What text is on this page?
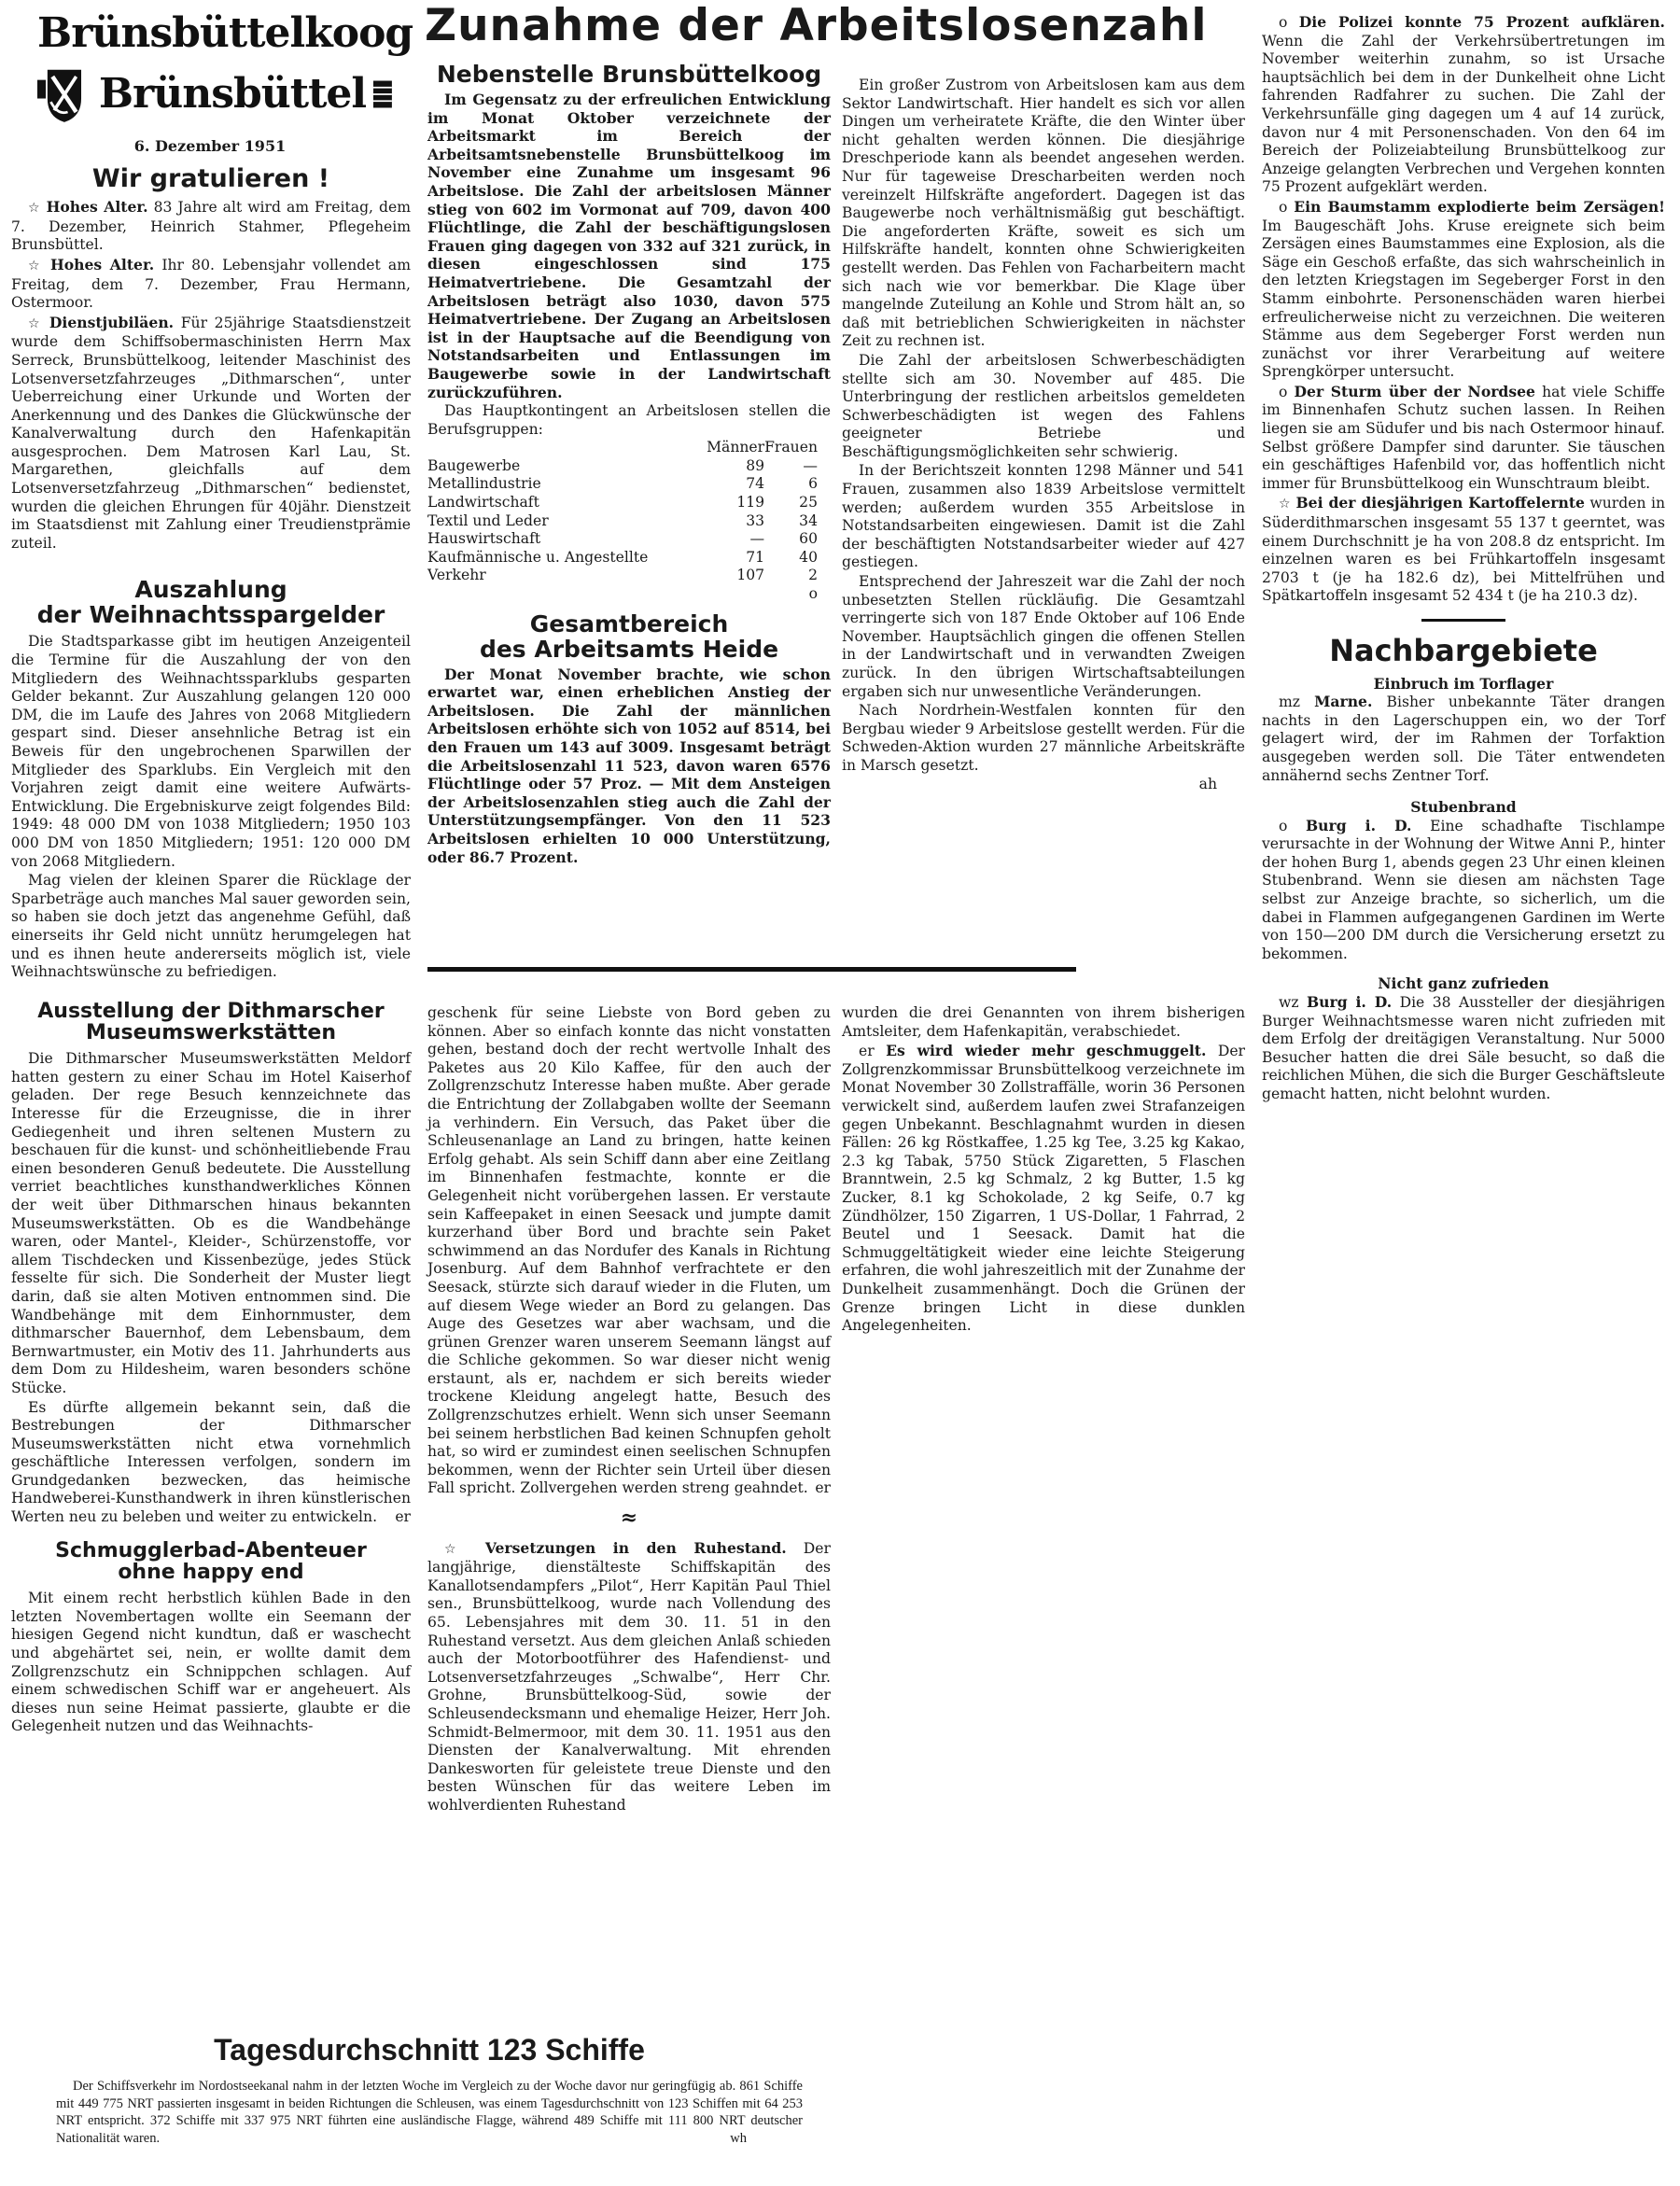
Brünsbüttelkoog
Brünsbüttel
6. Dezember 1951
Zunahme der Arbeitslosenzahl
Wir gratulieren !

☆ Hohes Alter. 83 Jahre alt wird am Freitag, dem 7. Dezember, Heinrich Stahmer, Pflegeheim Brunsbüttel.

☆ Hohes Alter. Ihr 80. Lebensjahr vollendet am Freitag, dem 7. Dezember, Frau Hermann, Ostermoor.

☆ Dienstjubiläen. Für 25jährige Staatsdienstzeit wurde dem Schiffsobermaschinisten Herrn Max Serreck, Brunsbüttelkoog, leitender Maschinist des Lotsenversetzfahrzeuges „Dithmarschen“, unter Ueberreichung einer Urkunde und Worten der Anerkennung und des Dankes die Glückwünsche der Kanalverwaltung durch den Hafenkapitän ausgesprochen. Dem Matrosen Karl Lau, St. Margarethen, gleichfalls auf dem Lotsenversetzfahrzeug „Dithmarschen“ bedienstet, wurden die gleichen Ehrungen für 40jähr. Dienstzeit im Staatsdienst mit Zahlung einer Treudienstprämie zuteil.

Auszahlung
der Weihnachtsspargelder

Die Stadtsparkasse gibt im heutigen Anzeigenteil die Termine für die Auszahlung der von den Mitgliedern des Weihnachtssparklubs gesparten Gelder bekannt. Zur Auszahlung gelangen 120 000 DM, die im Laufe des Jahres von 2068 Mitgliedern gespart sind. Dieser ansehnliche Betrag ist ein Beweis für den ungebrochenen Sparwillen der Mitglieder des Sparklubs. Ein Vergleich mit den Vorjahren zeigt damit eine weitere Aufwärts-Entwicklung. Die Ergebniskurve zeigt folgendes Bild: 1949: 48 000 DM von 1038 Mitgliedern; 1950 103 000 DM von 1850 Mitgliedern; 1951: 120 000 DM von 2068 Mitgliedern.

Mag vielen der kleinen Sparer die Rücklage der Sparbeträge auch manches Mal sauer geworden sein, so haben sie doch jetzt das angenehme Gefühl, daß einerseits ihr Geld nicht unnütz herumgelegen hat und es ihnen heute andererseits möglich ist, viele Weihnachtswünsche zu befriedigen.

Ausstellung der Dithmarscher
Museumswerkstätten

Die Dithmarscher Museumswerkstätten Meldorf hatten gestern zu einer Schau im Hotel Kaiserhof geladen. Der rege Besuch kennzeichnete das Interesse für die Erzeugnisse, die in ihrer Gediegenheit und ihren seltenen Mustern zu beschauen für die kunst- und schönheitliebende Frau einen besonderen Genuß bedeutete. Die Ausstellung verriet beachtliches kunsthandwerkliches Können der weit über Dithmarschen hinaus bekannten Museumswerkstätten. Ob es die Wandbehänge waren, oder Mantel-, Kleider-, Schürzenstoffe, vor allem Tischdecken und Kissenbezüge, jedes Stück fesselte für sich. Die Sonderheit der Muster liegt darin, daß sie alten Motiven entnommen sind. Die Wandbehänge mit dem Einhornmuster, dem dithmarscher Bauernhof, dem Lebensbaum, dem Bernwartmuster, ein Motiv des 11. Jahrhunderts aus dem Dom zu Hildesheim, waren besonders schöne Stücke.

Es dürfte allgemein bekannt sein, daß die Bestrebungen der Dithmarscher Museumswerkstätten nicht etwa vornehmlich geschäftliche Interessen verfolgen, sondern im Grundgedanken bezwecken, das heimische Handweberei-Kunsthandwerk in ihren künstlerischen Werten neu zu beleben und weiter zu entwickeln.	er

Schmugglerbad-Abenteuer
ohne happy end

Mit einem recht herbstlich kühlen Bade in den letzten Novembertagen wollte ein Seemann der hiesigen Gegend nicht kundtun, daß er waschecht und abgehärtet sei, nein, er wollte damit dem Zollgrenzschutz ein Schnippchen schlagen. Auf einem schwedischen Schiff war er angeheuert. Als dieses nun seine Heimat passierte, glaubte er die Gelegenheit nutzen und das Weihnachts-

Nebenstelle Brunsbüttelkoog

Im Gegensatz zu der erfreulichen Entwicklung im Monat Oktober verzeichnete der Arbeitsmarkt im Bereich der Arbeitsamtsnebenstelle Brunsbüttelkoog im November eine Zunahme um insgesamt 96 Arbeitslose. Die Zahl der arbeitslosen Männer stieg von 602 im Vormonat auf 709, davon 400 Flüchtlinge, die Zahl der beschäftigungslosen Frauen ging dagegen von 332 auf 321 zurück, in diesen eingeschlossen sind 175 Heimatvertriebene. Die Gesamtzahl der Arbeitslosen beträgt also 1030, davon 575 Heimatvertriebene. Der Zugang an Arbeitslosen ist in der Hauptsache auf die Beendigung von Notstandsarbeiten und Entlassungen im Baugewerbe sowie in der Landwirtschaft zurückzuführen.

Das Hauptkontingent an Arbeitslosen stellen die Berufsgruppen:

	Männer	Frauen
Baugewerbe	89	—
Metallindustrie	74	6
Landwirtschaft	119	25
Textil und Leder	33	34
Hauswirtschaft	—	60
Kaufmännische u. Angestellte	71	40
Verkehr	107	2
		o
Gesamtbereich
des Arbeitsamts Heide

Der Monat November brachte, wie schon erwartet war, einen erheblichen Anstieg der Arbeitslosen. Die Zahl der männlichen Arbeitslosen erhöhte sich von 1052 auf 8514, bei den Frauen um 143 auf 3009. Insgesamt beträgt die Arbeitslosenzahl 11 523, davon waren 6576 Flüchtlinge oder 57 Proz. — Mit dem Ansteigen der Arbeitslosenzahlen stieg auch die Zahl der Unterstützungsempfänger. Von den 11 523 Arbeitslosen erhielten 10 000 Unterstützung, oder 86.7 Prozent.

Ein großer Zustrom von Arbeitslosen kam aus dem Sektor Landwirtschaft. Hier handelt es sich vor allen Dingen um verheiratete Kräfte, die den Winter über nicht gehalten werden können. Die diesjährige Dreschperiode kann als beendet angesehen werden. Nur für tageweise Drescharbeiten werden noch vereinzelt Hilfskräfte angefordert. Dagegen ist das Baugewerbe noch verhältnismäßig gut beschäftigt. Die angeforderten Kräfte, soweit es sich um Hilfskräfte handelt, konnten ohne Schwierigkeiten gestellt werden. Das Fehlen von Facharbeitern macht sich nach wie vor bemerkbar. Die Klage über mangelnde Zuteilung an Kohle und Strom hält an, so daß mit betrieblichen Schwierigkeiten in nächster Zeit zu rechnen ist.

Die Zahl der arbeitslosen Schwerbeschädigten stellte sich am 30. November auf 485. Die Unterbringung der restlichen arbeitslos gemeldeten Schwerbeschädigten ist wegen des Fahlens geeigneter Betriebe und Beschäftigungsmöglichkeiten sehr schwierig.

In der Berichtszeit konnten 1298 Männer und 541 Frauen, zusammen also 1839 Arbeitslose vermittelt werden; außerdem wurden 355 Arbeitslose in Notstandsarbeiten eingewiesen. Damit ist die Zahl der beschäftigten Notstandsarbeiter wieder auf 427 gestiegen.

Entsprechend der Jahreszeit war die Zahl der noch unbesetzten Stellen rückläufig. Die Gesamtzahl verringerte sich von 187 Ende Oktober auf 106 Ende November. Hauptsächlich gingen die offenen Stellen in der Landwirtschaft und in verwandten Zweigen zurück. In den übrigen Wirtschaftsabteilungen ergaben sich nur unwesentliche Veränderungen.

Nach Nordrhein-Westfalen konnten für den Bergbau wieder 9 Arbeitslose gestellt werden. Für die Schweden-Aktion wurden 27 männliche Arbeitskräfte in Marsch gesetzt.

ah

geschenk für seine Liebste von Bord geben zu können. Aber so einfach konnte das nicht vonstatten gehen, bestand doch der recht wertvolle Inhalt des Paketes aus 20 Kilo Kaffee, für den auch der Zollgrenzschutz Interesse haben mußte. Aber gerade die Entrichtung der Zollabgaben wollte der Seemann ja verhindern. Ein Versuch, das Paket über die Schleusenanlage an Land zu bringen, hatte keinen Erfolg gehabt. Als sein Schiff dann aber eine Zeitlang im Binnenhafen festmachte, konnte er die Gelegenheit nicht vorübergehen lassen. Er verstaute sein Kaffeepaket in einen Seesack und jumpte damit kurzerhand über Bord und brachte sein Paket schwimmend an das Nordufer des Kanals in Richtung Josenburg. Auf dem Bahnhof verfrachtete er den Seesack, stürzte sich darauf wieder in die Fluten, um auf diesem Wege wieder an Bord zu gelangen. Das Auge des Gesetzes war aber wachsam, und die grünen Grenzer waren unserem Seemann längst auf die Schliche gekommen. So war dieser nicht wenig erstaunt, als er, nachdem er sich bereits wieder trockene Kleidung angelegt hatte, Besuch des Zollgrenzschutzes erhielt. Wenn sich unser Seemann bei seinem herbstlichen Bad keinen Schnupfen geholt hat, so wird er zumindest einen seelischen Schnupfen bekommen, wenn der Richter sein Urteil über diesen Fall spricht. Zollvergehen werden streng geahndet. er

≈

☆ Versetzungen in den Ruhestand. Der langjährige, dienstälteste Schiffskapitän des Kanallotsendampfers „Pilot“, Herr Kapitän Paul Thiel sen., Brunsbüttelkoog, wurde nach Vollendung des 65. Lebensjahres mit dem 30. 11. 51 in den Ruhestand versetzt. Aus dem gleichen Anlaß schieden auch der Motorbootführer des Hafendienst- und Lotsenversetzfahrzeuges „Schwalbe“, Herr Chr. Grohne, Brunsbüttelkoog-Süd, sowie der Schleusendecksmann und ehemalige Heizer, Herr Joh. Schmidt-Belmermoor, mit dem 30. 11. 1951 aus den Diensten der Kanalverwaltung. Mit ehrenden Dankesworten für geleistete treue Dienste und den besten Wünschen für das weitere Leben im wohlverdienten Ruhestand

wurden die drei Genannten von ihrem bisherigen Amtsleiter, dem Hafenkapitän, verabschiedet.

er Es wird wieder mehr geschmuggelt. Der Zollgrenzkommissar Brunsbüttelkoog verzeichnete im Monat November 30 Zollstraffälle, worin 36 Personen verwickelt sind, außerdem laufen zwei Strafanzeigen gegen Unbekannt. Beschlagnahmt wurden in diesen Fällen: 26 kg Röstkaffee, 1.25 kg Tee, 3.25 kg Kakao, 2.3 kg Tabak, 5750 Stück Zigaretten, 5 Flaschen Branntwein, 2.5 kg Schmalz, 2 kg Butter, 1.5 kg Zucker, 8.1 kg Schokolade, 2 kg Seife, 0.7 kg Zündhölzer, 150 Zigarren, 1 US-Dollar, 1 Fahrrad, 2 Beutel und 1 Seesack. Damit hat die Schmuggeltätigkeit wieder eine leichte Steigerung erfahren, die wohl jahreszeitlich mit der Zunahme der Dunkelheit zusammenhängt. Doch die Grünen der Grenze bringen Licht in diese dunklen Angelegenheiten.

o Die Polizei konnte 75 Prozent aufklären. Wenn die Zahl der Verkehrsübertretungen im November weiterhin zunahm, so ist Ursache hauptsächlich bei dem in der Dunkelheit ohne Licht fahrenden Radfahrer zu suchen. Die Zahl der Verkehrsunfälle ging dagegen um 4 auf 14 zurück, davon nur 4 mit Personenschaden. Von den 64 im Bereich der Polizeiabteilung Brunsbüttelkoog zur Anzeige gelangten Verbrechen und Vergehen konnten 75 Prozent aufgeklärt werden.

o Ein Baumstamm explodierte beim Zersägen! Im Baugeschäft Johs. Kruse ereignete sich beim Zersägen eines Baumstammes eine Explosion, als die Säge ein Geschoß erfaßte, das sich wahrscheinlich in den letzten Kriegstagen im Segeberger Forst in den Stamm einbohrte. Personenschäden waren hierbei erfreulicherweise nicht zu verzeichnen. Die weiteren Stämme aus dem Segeberger Forst werden nun zunächst vor ihrer Verarbeitung auf weitere Sprengkörper untersucht.

o Der Sturm über der Nordsee hat viele Schiffe im Binnenhafen Schutz suchen lassen. In Reihen liegen sie am Südufer und bis nach Ostermoor hinauf. Selbst größere Dampfer sind darunter. Sie täuschen ein geschäftiges Hafenbild vor, das hoffentlich nicht immer für Brunsbüttelkoog ein Wunschtraum bleibt.

☆ Bei der diesjährigen Kartoffelernte wurden in Süderdithmarschen insgesamt 55 137 t geerntet, was einem Durchschnitt je ha von 208.8 dz entspricht. Im einzelnen waren es bei Frühkartoffeln insgesamt 2703 t (je ha 182.6 dz), bei Mittelfrühen und Spätkartoffeln insgesamt 52 434 t (je ha 210.3 dz).

Nachbargebiete
Einbruch im Torflager

mz Marne. Bisher unbekannte Täter drangen nachts in den Lagerschuppen ein, wo der Torf gelagert wird, der im Rahmen der Torfaktion ausgegeben werden soll. Die Täter entwendeten annähernd sechs Zentner Torf.

Stubenbrand

o Burg i. D. Eine schadhafte Tischlampe verursachte in der Wohnung der Witwe Anni P., hinter der hohen Burg 1, abends gegen 23 Uhr einen kleinen Stubenbrand. Wenn sie diesen am nächsten Tage selbst zur Anzeige brachte, so sicherlich, um die dabei in Flammen aufgegangenen Gardinen im Werte von 150—200 DM durch die Versicherung ersetzt zu bekommen.

Nicht ganz zufrieden

wz Burg i. D. Die 38 Aussteller der diesjährigen Burger Weihnachtsmesse waren nicht zufrieden mit dem Erfolg der dreitägigen Veranstaltung. Nur 5000 Besucher hatten die drei Säle besucht, so daß die reichlichen Mühen, die sich die Burger Geschäftsleute gemacht hatten, nicht belohnt wurden.

Tagesdurchschnitt 123 Schiffe

Der Schiffsverkehr im Nordostseekanal nahm in der letzten Woche im Vergleich zu der Woche davor nur geringfügig ab. 861 Schiffe mit 449 775 NRT passierten insgesamt in beiden Richtungen die Schleusen, was einem Tagesdurchschnitt von 123 Schiffen mit 64 253 NRT entspricht. 372 Schiffe mit 337 975 NRT führten eine ausländische Flagge, während 489 Schiffe mit 111 800 NRT deutscher Nationalität waren.	wh
